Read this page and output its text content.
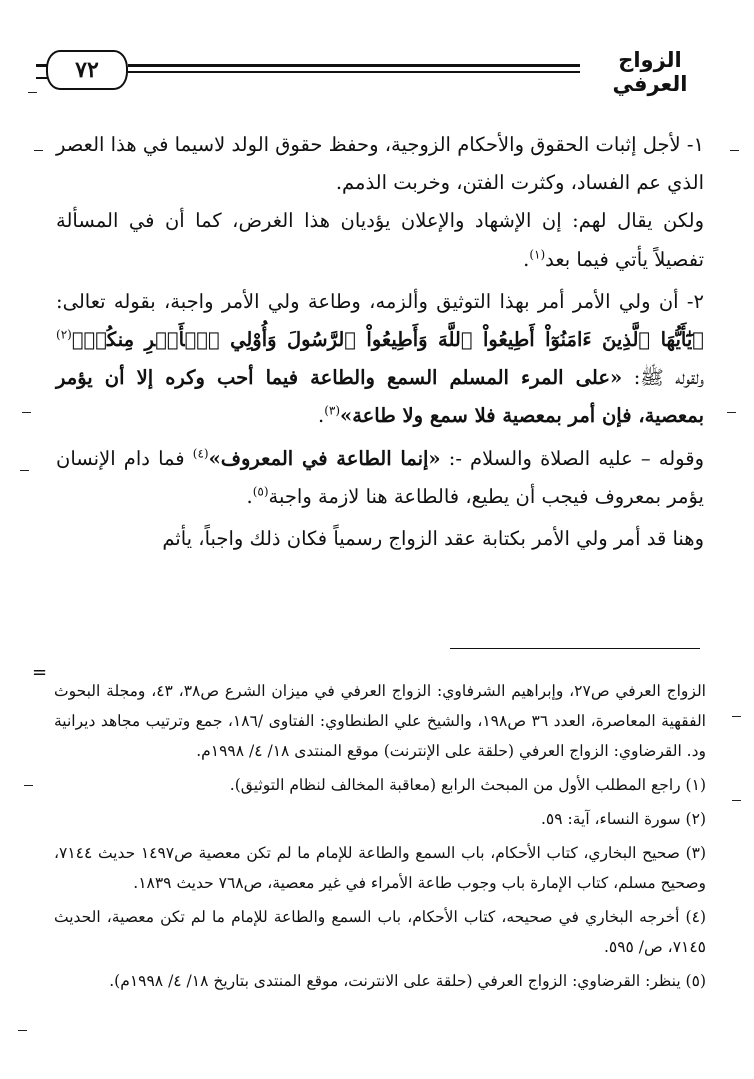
٧٢	الزواج العرفي

١- لأجل إثبات الحقوق والأحكام الزوجية، وحفظ حقوق الولد لاسيما في هذا العصر الذي عم الفساد، وكثرت الفتن، وخربت الذمم.

ولكن يقال لهم: إن الإشهاد والإعلان يؤديان هذا الغرض، كما أن في المسألة تفصيلاً يأتي فيما بعد$^{(١)}$.

٢- أن ولي الأمر أمر بهذا التوثيق وألزمه، وطاعة ولي الأمر واجبة، بقوله تعالى: ﴿يَٰٓأَيُّهَا ٱلَّذِينَ ءَامَنُوٓاْ أَطِيعُواْ ٱللَّهَ وَأَطِيعُواْ ٱلرَّسُولَ وَأُوْلِي ٱلۡأَمۡرِ مِنكُمۡ﴾$^{(٢)}$ ولقوله ﷺ: «على المرء المسلم السمع والطاعة فيما أحب وكره إلا أن يؤمر بمعصية، فإن أمر بمعصية فلا سمع ولا طاعة»$^{(٣)}$.

وقوله – عليه الصلاة والسلام -: «إنما الطاعة في المعروف»$^{(٤)}$ فما دام الإنسان يؤمر بمعروف فيجب أن يطيع، فالطاعة هنا لازمة واجبة$^{(٥)}$.

وهنا قد أمر ولي الأمر بكتابة عقد الزواج رسمياً فكان ذلك واجباً، يأثم

=

الزواج العرفي ص٢٧، وإبراهيم الشرفاوي: الزواج العرفي في ميزان الشرع ص٣٨، ٤٣، ومجلة البحوث الفقهية المعاصرة، العدد ٣٦ ص١٩٨، والشيخ علي الطنطاوي: الفتاوى /١٨٦، جمع وترتيب مجاهد ديرانية ود. القرضاوي: الزواج العرفي (حلقة على الإنترنت) موقع المنتدى ١٨/ ٤/ ١٩٩٨م.

(١) راجع المطلب الأول من المبحث الرابع (معاقبة المخالف لنظام التوثيق).

(٢) سورة النساء، آية: ٥٩.

(٣) صحيح البخاري، كتاب الأحكام، باب السمع والطاعة للإمام ما لم تكن معصية ص١٤٩٧ حديث ٧١٤٤، وصحيح مسلم، كتاب الإمارة باب وجوب طاعة الأمراء في غير معصية، ص٧٦٨ حديث ١٨٣٩.

(٤) أخرجه البخاري في صحيحه، كتاب الأحكام، باب السمع والطاعة للإمام ما لم تكن معصية، الحديث ٧١٤٥، ص/ ٥٩٥.

(٥) ينظر: القرضاوي: الزواج العرفي (حلقة على الانترنت، موقع المنتدى بتاريخ ١٨/ ٤/ ١٩٩٨م).
